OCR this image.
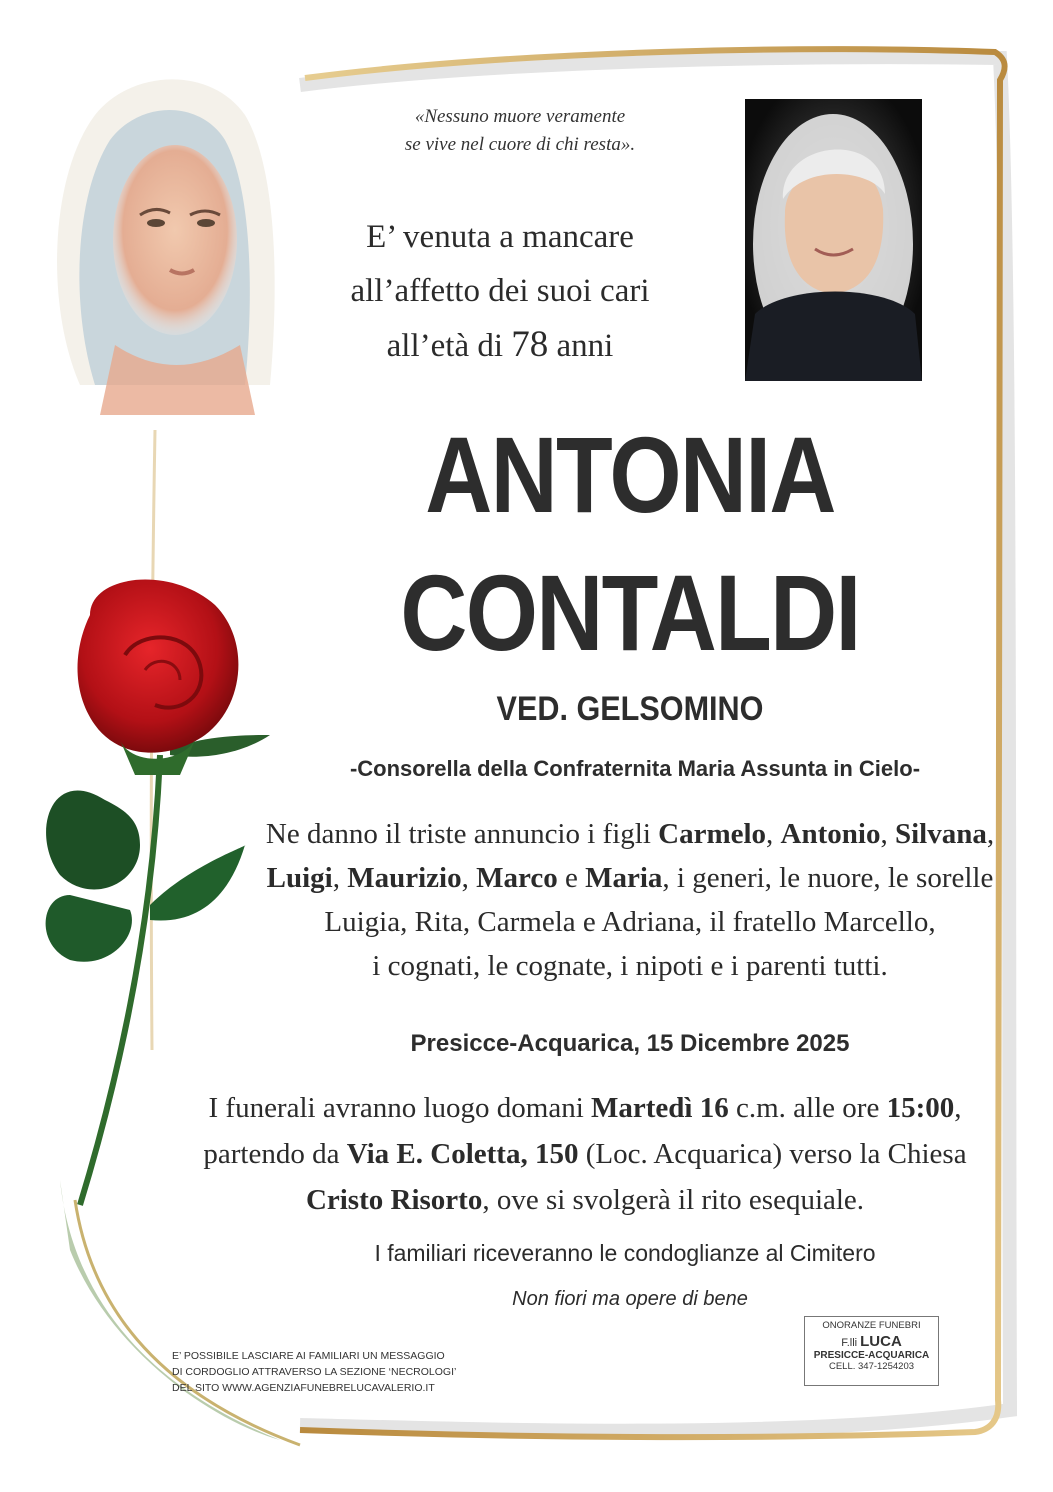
«Nessuno muore veramente
se vive nel cuore di chi resta».
E’ venuta a mancare
all’affetto dei suoi cari
all’età di 78 anni
ANTONIA
CONTALDI
VED. GELSOMINO
-Consorella della Confraternita Maria Assunta in Cielo-
Ne danno il triste annuncio i figli Carmelo, Antonio, Silvana,
Luigi, Maurizio, Marco e Maria, i generi, le nuore, le sorelle
Luigia, Rita, Carmela e Adriana, il fratello Marcello,
i cognati, le cognate, i nipoti e i parenti tutti.
Presicce-Acquarica, 15 Dicembre 2025
I funerali avranno luogo domani Martedì 16 c.m. alle ore 15:00,
partendo da Via E. Coletta, 150 (Loc. Acquarica) verso la Chiesa
Cristo Risorto, ove si svolgerà il rito esequiale.
I familiari riceveranno le condoglianze al Cimitero
Non fiori ma opere di bene
E’ POSSIBILE LASCIARE AI FAMILIARI UN MESSAGGIO
DI CORDOGLIO ATTRAVERSO LA SEZIONE ‘NECROLOGI’
DEL SITO WWW.AGENZIAFUNEBRELUCAVALERIO.IT
ONORANZE FUNEBRI
F.lli LUCA
PRESICCE-ACQUARICA
CELL. 347-1254203
